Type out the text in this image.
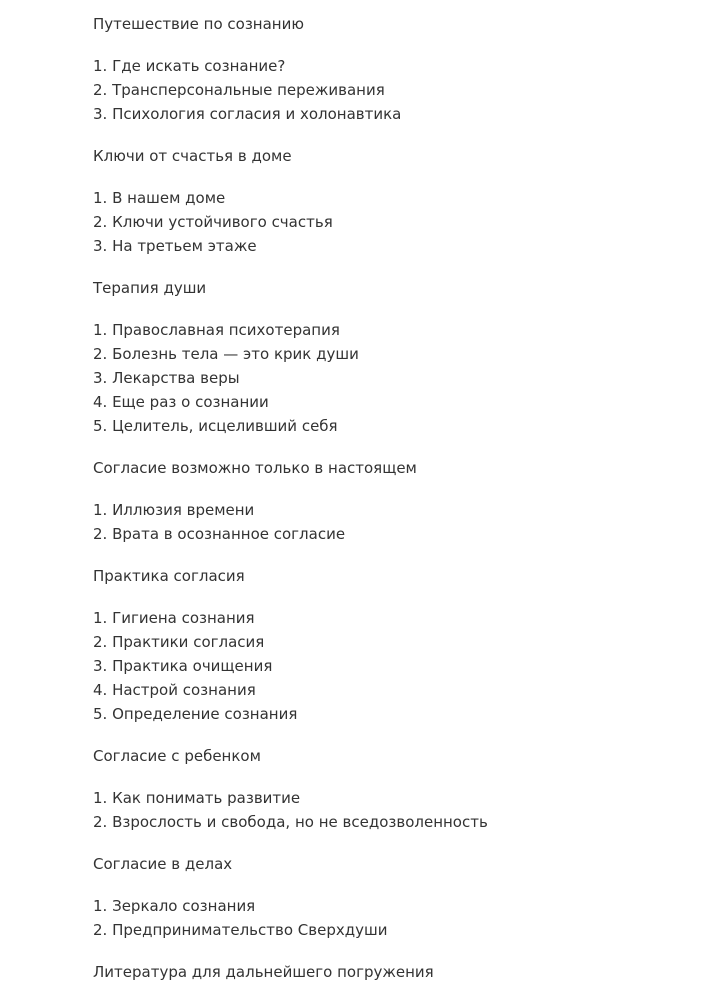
Путешествие по сознанию

1. Где искать сознание?
2. Трансперсональные переживания
3. Психология согласия и холонавтика

Ключи от счастья в доме

1. В нашем доме
2. Ключи устойчивого счастья
3. На третьем этаже

Терапия души

1. Православная психотерапия
2. Болезнь тела — это крик души
3. Лекарства веры
4. Еще раз о сознании
5. Целитель, исцеливший себя

Согласие возможно только в настоящем

1. Иллюзия времени
2. Врата в осознанное согласие

Практика согласия

1. Гигиена сознания
2. Практики согласия
3. Практика очищения
4. Настрой сознания
5. Определение сознания

Согласие с ребенком

1. Как понимать развитие
2. Взрослость и свобода, но не вседозволенность

Согласие в делах

1. Зеркало сознания
2. Предпринимательство Сверхдуши

Литература для дальнейшего погружения
